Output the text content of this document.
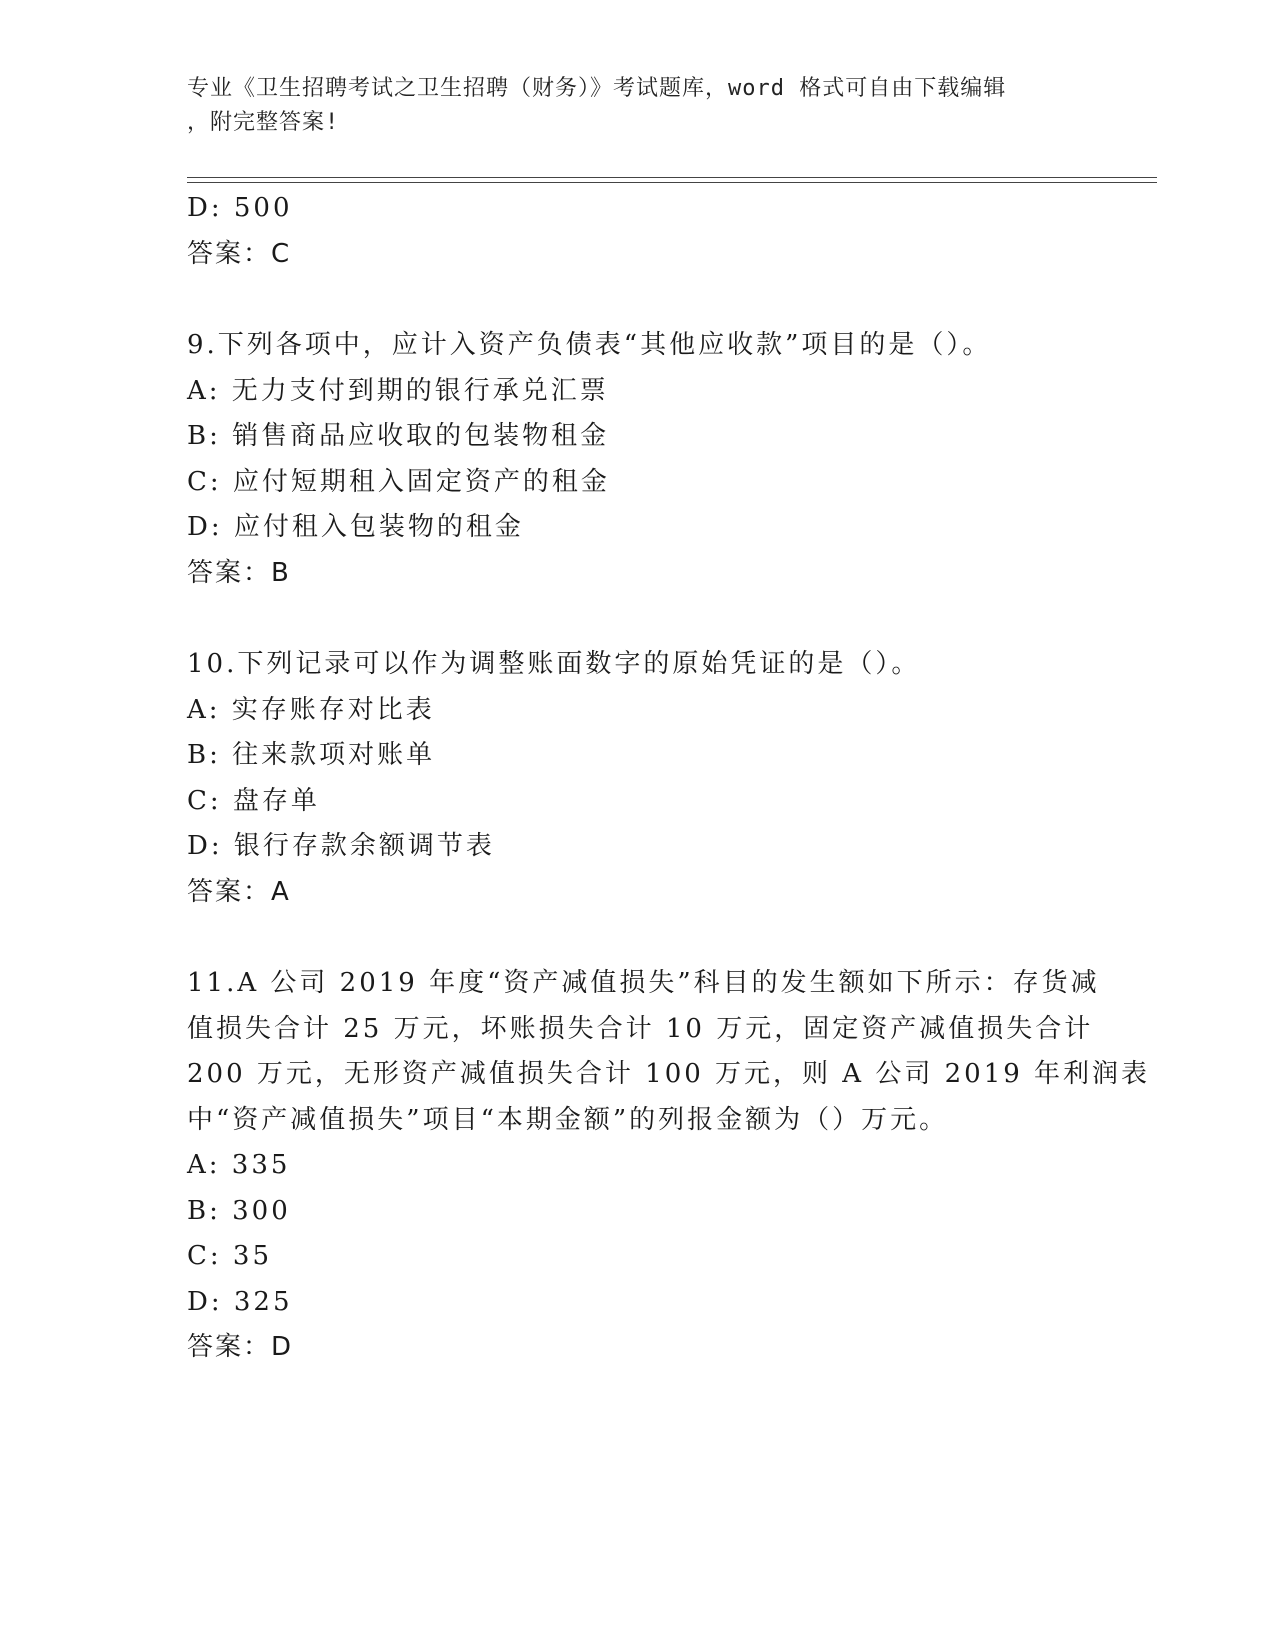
专业《卫生招聘考试之卫生招聘（财务）》考试题库，word 格式可自由下载编辑
，附完整答案!
D: 500
答案：C
9.下列各项中，应计入资产负债表“其他应收款”项目的是（）。
A: 无力支付到期的银行承兑汇票
B: 销售商品应收取的包装物租金
C: 应付短期租入固定资产的租金
D: 应付租入包装物的租金
答案：B
10.下列记录可以作为调整账面数字的原始凭证的是（）。
A: 实存账存对比表
B: 往来款项对账单
C: 盘存单
D: 银行存款余额调节表
答案：A
11.A 公司 2019 年度“资产减值损失”科目的发生额如下所示：存货减
值损失合计 25 万元，坏账损失合计 10 万元，固定资产减值损失合计
200 万元，无形资产减值损失合计 100 万元，则 A 公司 2019 年利润表
中“资产减值损失”项目“本期金额”的列报金额为（）万元。
A: 335
B: 300
C: 35
D: 325
答案：D
